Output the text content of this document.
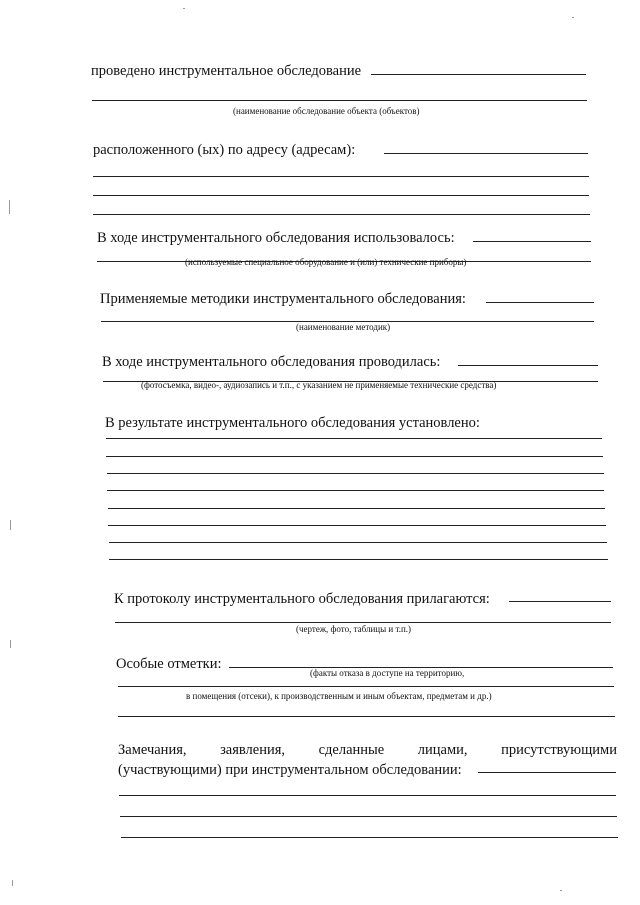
проведено инструментальное обследование
(наименование обследование объекта (объектов)
расположенного (ых) по адресу (адресам):
В ходе инструментального обследования использовалось:
(используемые специальное оборудование и (или) технические приборы)
Применяемые методики инструментального обследования:
(наименование методик)
В ходе инструментального обследования проводилась:
(фотосъемка, видео-, аудиозапись и т.п., с указанием не применяемые технические средства)
В результате инструментального обследования установлено:
К протоколу инструментального обследования прилагаются:
(чертеж, фото, таблицы и т.п.)
Особые отметки:
(факты отказа в доступе на территорию,
в помещения (отсеки), к производственным и иным объектам, предметам и др.)
Замечания, заявления, сделанные лицами, присутствующими
(участвующими) при инструментальном обследовании:
